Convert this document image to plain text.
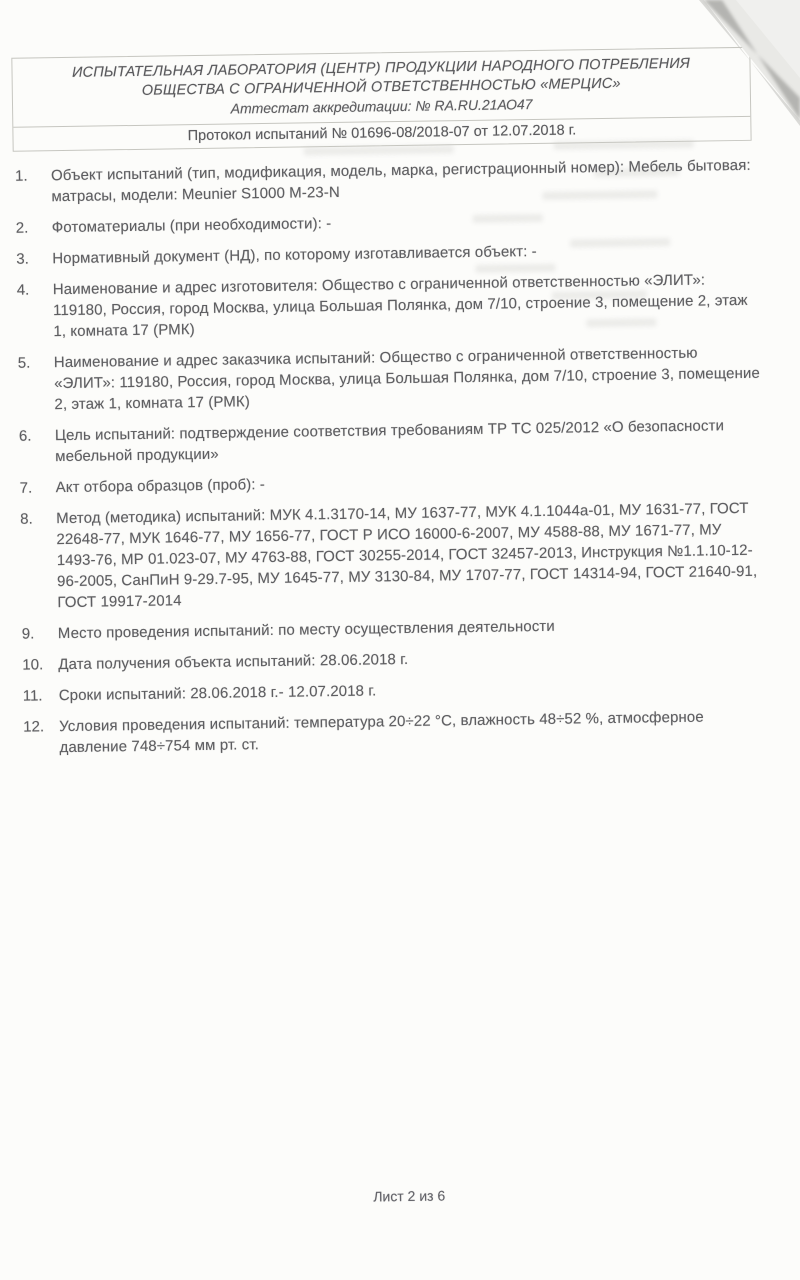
ИСПЫТАТЕЛЬНАЯ ЛАБОРАТОРИЯ (ЦЕНТР) ПРОДУКЦИИ НАРОДНОГО ПОТРЕБЛЕНИЯ
ОБЩЕСТВА С ОГРАНИЧЕННОЙ ОТВЕТСТВЕННОСТЬЮ «МЕРЦИС»
Аттестат аккредитации: № RA.RU.21АО47
Протокол испытаний № 01696-08/2018-07 от 12.07.2018 г.
1.	Объект испытаний (тип, модификация, модель, марка, регистрационный номер): Мебель бытовая: матрасы, модели: Meunier S1000 M-23-N
2.	Фотоматериалы (при необходимости): -
3.	Нормативный документ (НД), по которому изготавливается объект: -
4.	Наименование и адрес изготовителя: Общество с ограниченной ответственностью «ЭЛИТ»: 119180, Россия, город Москва, улица Большая Полянка, дом 7/10, строение 3, помещение 2, этаж 1, комната 17 (РМК)
5.	Наименование и адрес заказчика испытаний: Общество с ограниченной ответственностью «ЭЛИТ»: 119180, Россия, город Москва, улица Большая Полянка, дом 7/10, строение 3, помещение 2, этаж 1, комната 17 (РМК)
6.	Цель испытаний: подтверждение соответствия требованиям ТР ТС 025/2012 «О безопасности мебельной продукции»
7.	Акт отбора образцов (проб): -
8.	Метод (методика) испытаний: МУК 4.1.3170-14, МУ 1637-77, МУК 4.1.1044а-01, МУ 1631-77, ГОСТ 22648-77, МУК 1646-77, МУ 1656-77, ГОСТ Р ИСО 16000-6-2007, МУ 4588-88, МУ 1671-77, МУ 1493-76, МР 01.023-07, МУ 4763-88, ГОСТ 30255-2014, ГОСТ 32457-2013, Инструкция №1.1.10-12-96-2005, СанПиН 9-29.7-95, МУ 1645-77, МУ 3130-84, МУ 1707-77, ГОСТ 14314-94, ГОСТ 21640-91, ГОСТ 19917-2014
9.	Место проведения испытаний: по месту осуществления деятельности
10. Дата получения объекта испытаний: 28.06.2018 г.
11.	Сроки испытаний: 28.06.2018 г.- 12.07.2018 г.
12. Условия проведения испытаний: температура 20÷22 °С, влажность 48÷52 %, атмосферное давление 748÷754 мм рт. ст.
Лист 2 из 6
